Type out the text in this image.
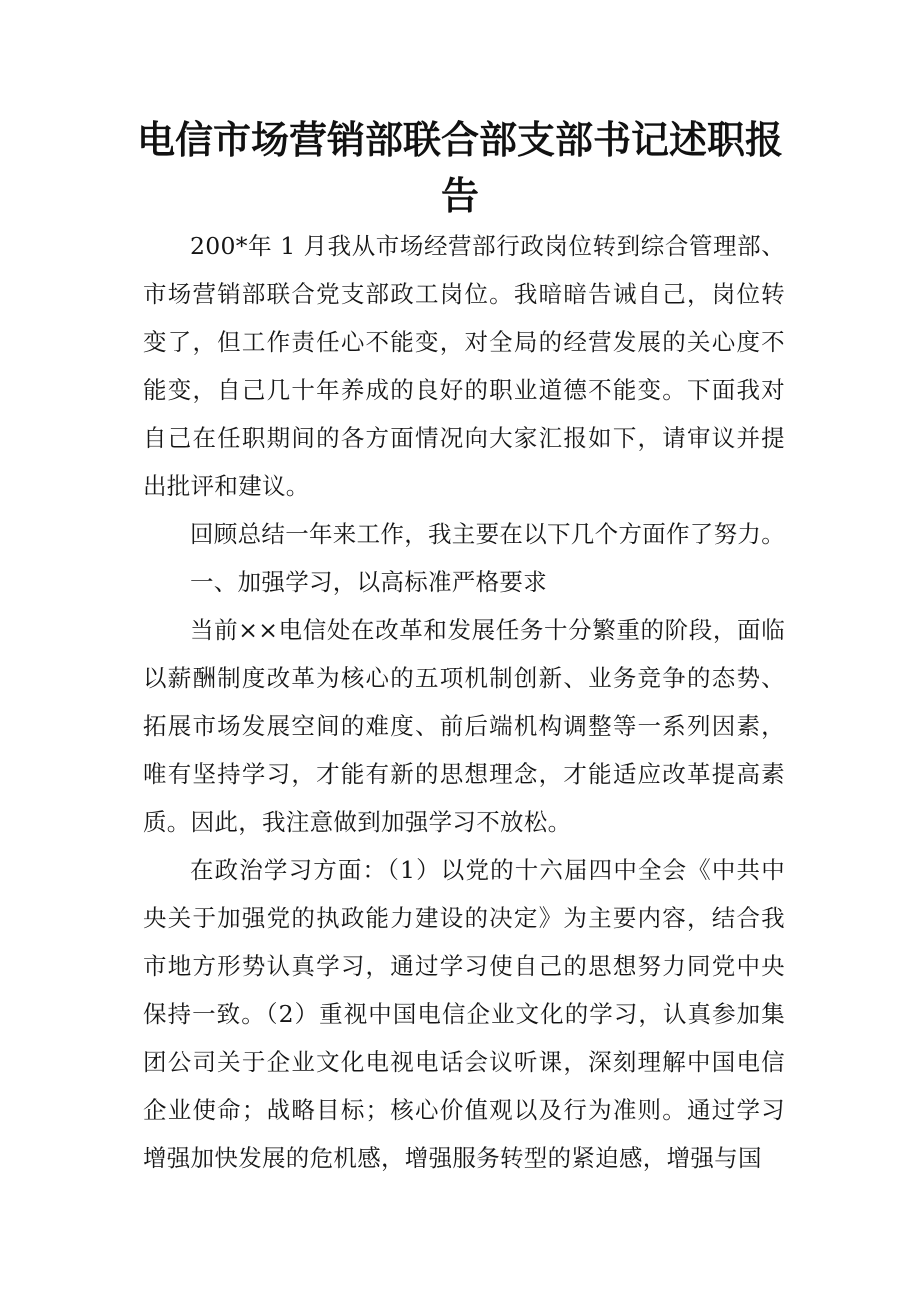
电信市场营销部联合部支部书记述职报
告

200*年 1 月我从市场经营部行政岗位转到综合管理部、市场营销部联合党支部政工岗位。我暗暗告诫自己，岗位转变了，但工作责任心不能变，对全局的经营发展的关心度不能变，自己几十年养成的良好的职业道德不能变。下面我对自己在任职期间的各方面情况向大家汇报如下，请审议并提出批评和建议。

回顾总结一年来工作，我主要在以下几个方面作了努力。

一、加强学习，以高标准严格要求

当前××电信处在改革和发展任务十分繁重的阶段，面临以薪酬制度改革为核心的五项机制创新、业务竞争的态势、拓展市场发展空间的难度、前后端机构调整等一系列因素，唯有坚持学习，才能有新的思想理念，才能适应改革提高素质。因此，我注意做到加强学习不放松。

在政治学习方面：（1）以党的十六届四中全会《中共中央关于加强党的执政能力建设的决定》为主要内容，结合我市地方形势认真学习，通过学习使自己的思想努力同党中央保持一致。（2）重视中国电信企业文化的学习，认真参加集团公司关于企业文化电视电话会议听课，深刻理解中国电信企业使命；战略目标；核心价值观以及行为准则。通过学习增强加快发展的危机感，增强服务转型的紧迫感，增强与国
